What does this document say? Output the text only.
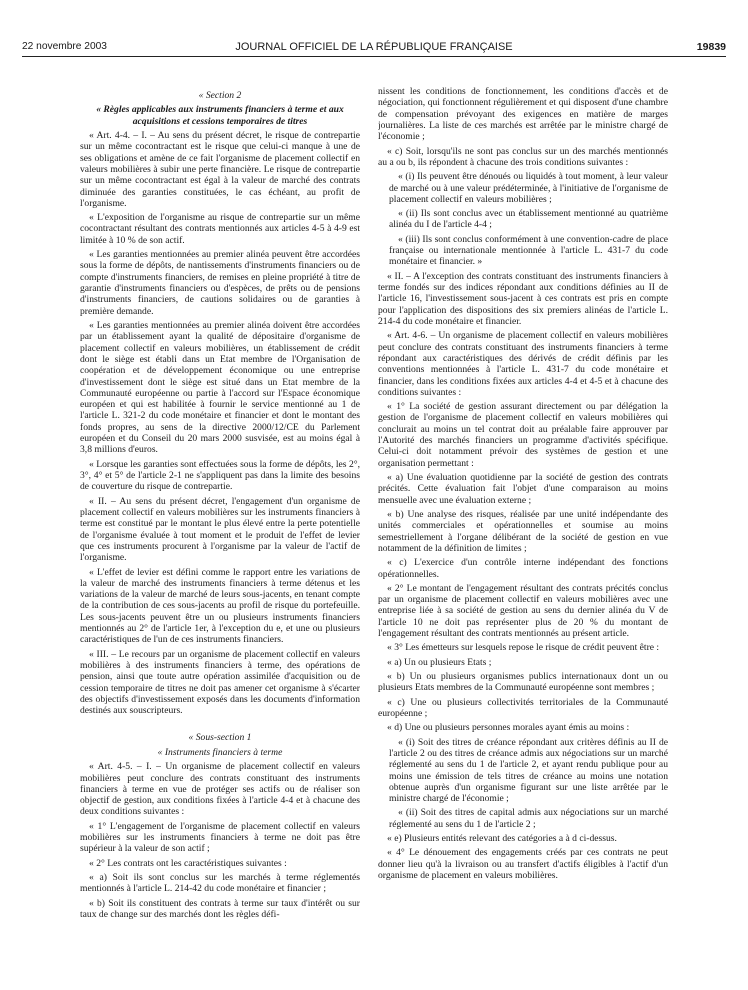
22 novembre 2003	JOURNAL OFFICIEL DE LA RÉPUBLIQUE FRANÇAISE	19839

« Section 2

« Règles applicables aux instruments financiers à terme et aux acquisitions et cessions temporaires de titres

« Art. 4-4. – I. – Au sens du présent décret, le risque de contrepartie sur un même cocontractant est le risque que celui-ci manque à une de ses obligations et amène de ce fait l'organisme de placement collectif en valeurs mobilières à subir une perte financière. Le risque de contrepartie sur un même cocontractant est égal à la valeur de marché des contrats diminuée des garanties constituées, le cas échéant, au profit de l'organisme.

« L'exposition de l'organisme au risque de contrepartie sur un même cocontractant résultant des contrats mentionnés aux articles 4-5 à 4-9 est limitée à 10 % de son actif.

« Les garanties mentionnées au premier alinéa peuvent être accordées sous la forme de dépôts, de nantissements d'instruments financiers ou de compte d'instruments financiers, de remises en pleine propriété à titre de garantie d'instruments financiers ou d'espèces, de prêts ou de pensions d'instruments financiers, de cautions solidaires ou de garanties à première demande.

« Les garanties mentionnées au premier alinéa doivent être accordées par un établissement ayant la qualité de dépositaire d'organisme de placement collectif en valeurs mobilières, un établissement de crédit dont le siège est établi dans un Etat membre de l'Organisation de coopération et de développement économique ou une entreprise d'investissement dont le siège est situé dans un Etat membre de la Communauté européenne ou partie à l'accord sur l'Espace économique européen et qui est habilitée à fournir le service mentionné au 1 de l'article L. 321-2 du code monétaire et financier et dont le montant des fonds propres, au sens de la directive 2000/12/CE du Parlement européen et du Conseil du 20 mars 2000 susvisée, est au moins égal à 3,8 millions d'euros.

« Lorsque les garanties sont effectuées sous la forme de dépôts, les 2°, 3°, 4° et 5° de l'article 2-1 ne s'appliquent pas dans la limite des besoins de couverture du risque de contrepartie.

« II. – Au sens du présent décret, l'engagement d'un organisme de placement collectif en valeurs mobilières sur les instruments financiers à terme est constitué par le montant le plus élevé entre la perte potentielle de l'organisme évaluée à tout moment et le produit de l'effet de levier que ces instruments procurent à l'organisme par la valeur de l'actif de l'organisme.

« L'effet de levier est défini comme le rapport entre les variations de la valeur de marché des instruments financiers à terme détenus et les variations de la valeur de marché de leurs sous-jacents, en tenant compte de la contribution de ces sous-jacents au profil de risque du portefeuille. Les sous-jacents peuvent être un ou plusieurs instruments financiers mentionnés au 2° de l'article 1er, à l'exception du e, et une ou plusieurs caractéristiques de l'un de ces instruments financiers.

« III. – Le recours par un organisme de placement collectif en valeurs mobilières à des instruments financiers à terme, des opérations de pension, ainsi que toute autre opération assimilée d'acquisition ou de cession temporaire de titres ne doit pas amener cet organisme à s'écarter des objectifs d'investissement exposés dans les documents d'information destinés aux souscripteurs.

« Sous-section 1

« Instruments financiers à terme

« Art. 4-5. – I. – Un organisme de placement collectif en valeurs mobilières peut conclure des contrats constituant des instruments financiers à terme en vue de protéger ses actifs ou de réaliser son objectif de gestion, aux conditions fixées à l'article 4-4 et à chacune des deux conditions suivantes :

« 1° L'engagement de l'organisme de placement collectif en valeurs mobilières sur les instruments financiers à terme ne doit pas être supérieur à la valeur de son actif ;

« 2° Les contrats ont les caractéristiques suivantes :

« a) Soit ils sont conclus sur les marchés à terme réglementés mentionnés à l'article L. 214-42 du code monétaire et financier ;

« b) Soit ils constituent des contrats à terme sur taux d'intérêt ou sur taux de change sur des marchés dont les règles défi-

nissent les conditions de fonctionnement, les conditions d'accès et de négociation, qui fonctionnent régulièrement et qui disposent d'une chambre de compensation prévoyant des exigences en matière de marges journalières. La liste de ces marchés est arrêtée par le ministre chargé de l'économie ;

« c) Soit, lorsqu'ils ne sont pas conclus sur un des marchés mentionnés au a ou b, ils répondent à chacune des trois conditions suivantes :

« (i) Ils peuvent être dénoués ou liquidés à tout moment, à leur valeur de marché ou à une valeur prédéterminée, à l'initiative de l'organisme de placement collectif en valeurs mobilières ;

« (ii) Ils sont conclus avec un établissement mentionné au quatrième alinéa du I de l'article 4-4 ;

« (iii) Ils sont conclus conformément à une convention-cadre de place française ou internationale mentionnée à l'article L. 431-7 du code monétaire et financier. »

« II. – A l'exception des contrats constituant des instruments financiers à terme fondés sur des indices répondant aux conditions définies au II de l'article 16, l'investissement sous-jacent à ces contrats est pris en compte pour l'application des dispositions des six premiers alinéas de l'article L. 214-4 du code monétaire et financier.

« Art. 4-6. – Un organisme de placement collectif en valeurs mobilières peut conclure des contrats constituant des instruments financiers à terme répondant aux caractéristiques des dérivés de crédit définis par les conventions mentionnées à l'article L. 431-7 du code monétaire et financier, dans les conditions fixées aux articles 4-4 et 4-5 et à chacune des conditions suivantes :

« 1° La société de gestion assurant directement ou par délégation la gestion de l'organisme de placement collectif en valeurs mobilières qui conclurait au moins un tel contrat doit au préalable faire approuver par l'Autorité des marchés financiers un programme d'activités spécifique. Celui-ci doit notamment prévoir des systèmes de gestion et une organisation permettant :

« a) Une évaluation quotidienne par la société de gestion des contrats précités. Cette évaluation fait l'objet d'une comparaison au moins mensuelle avec une évaluation externe ;

« b) Une analyse des risques, réalisée par une unité indépendante des unités commerciales et opérationnelles et soumise au moins semestriellement à l'organe délibérant de la société de gestion en vue notamment de la définition de limites ;

« c) L'exercice d'un contrôle interne indépendant des fonctions opérationnelles.

« 2° Le montant de l'engagement résultant des contrats précités conclus par un organisme de placement collectif en valeurs mobilières avec une entreprise liée à sa société de gestion au sens du dernier alinéa du V de l'article 10 ne doit pas représenter plus de 20 % du montant de l'engagement résultant des contrats mentionnés au présent article.

« 3° Les émetteurs sur lesquels repose le risque de crédit peuvent être :

« a) Un ou plusieurs Etats ;

« b) Un ou plusieurs organismes publics internationaux dont un ou plusieurs Etats membres de la Communauté européenne sont membres ;

« c) Une ou plusieurs collectivités territoriales de la Communauté européenne ;

« d) Une ou plusieurs personnes morales ayant émis au moins :

« (i) Soit des titres de créance répondant aux critères définis au II de l'article 2 ou des titres de créance admis aux négociations sur un marché réglementé au sens du 1 de l'article 2, et ayant rendu publique pour au moins une émission de tels titres de créance au moins une notation obtenue auprès d'un organisme figurant sur une liste arrêtée par le ministre chargé de l'économie ;

« (ii) Soit des titres de capital admis aux négociations sur un marché réglementé au sens du 1 de l'article 2 ;

« e) Plusieurs entités relevant des catégories a à d ci-dessus.

« 4° Le dénouement des engagements créés par ces contrats ne peut donner lieu qu'à la livraison ou au transfert d'actifs éligibles à l'actif d'un organisme de placement en valeurs mobilières.
